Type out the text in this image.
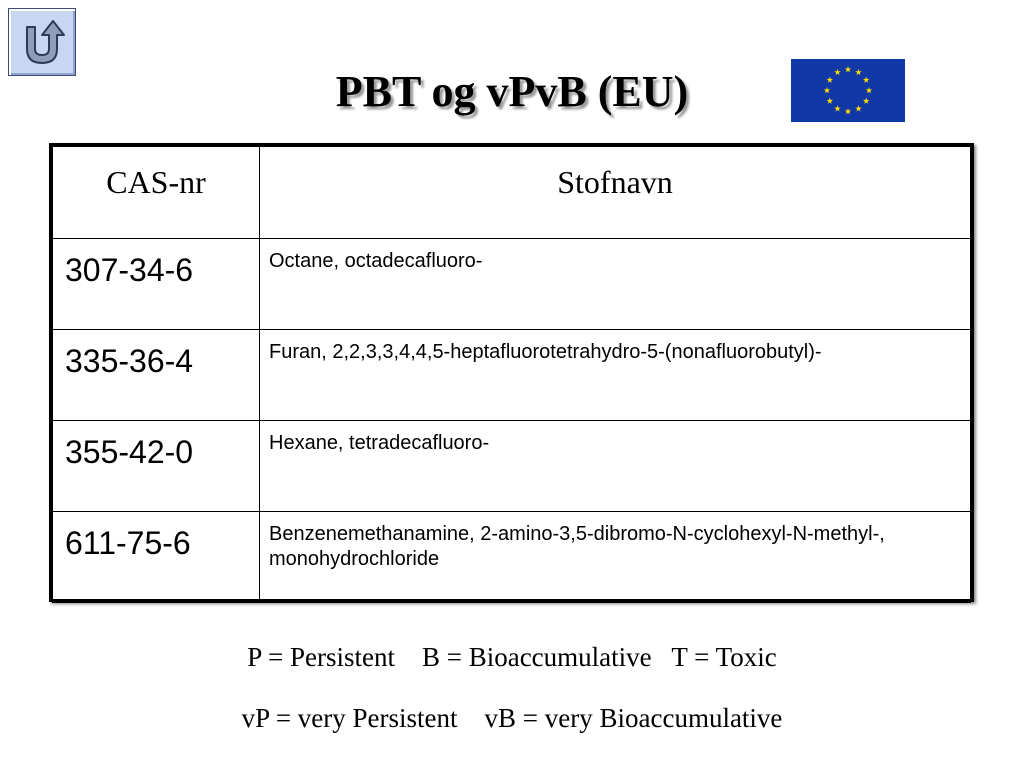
PBT og vPvB (EU)
CAS-nr	Stofnavn
307-34-6	Octane, octadecafluoro-
335-36-4	Furan, 2,2,3,3,4,4,5-heptafluorotetrahydro-5-(nonafluorobutyl)-
355-42-0	Hexane, tetradecafluoro-
611-75-6	Benzenemethanamine, 2-amino-3,5-dibromo-N-cyclohexyl-N-methyl-, monohydrochloride
P = Persistent    B = Bioaccumulative   T = Toxic
vP = very Persistent    vB = very Bioaccumulative
